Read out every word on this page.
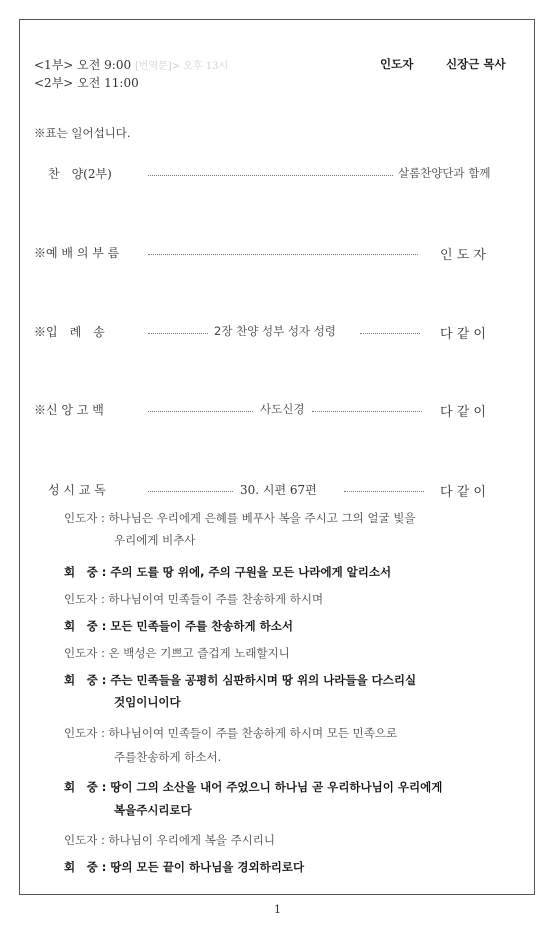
<1부> 오전 9:00 [번역문]> 오후 13시
<2부> 오전 11:00
인도자	신장근 목사
※표는 일어섭니다.
찬　양(2부)	살롬찬양단과 함께
※예 배 의 부 름	인 도 자
※입　례　송	2장 찬양 성부 성자 성령	다 같 이
※신 앙 고 백	사도신경	다 같 이
성 시 교 독	30. 시편 67편	다 같 이
인도자 : 하나님은 우리에게 은혜를 베푸사 복을 주시고 그의 얼굴 빛을
우리에게 비추사
회　중 : 주의 도를 땅 위에, 주의 구원을 모든 나라에게 알리소서
인도자 : 하나님이여 민족들이 주를 찬송하게 하시며
회　중 : 모든 민족들이 주를 찬송하게 하소서
인도자 : 온 백성은 기쁘고 즐겁게 노래할지니
회　중 : 주는 민족들을 공평히 심판하시며 땅 위의 나라들을 다스리실
것임이니이다
인도자 : 하나님이여 민족들이 주를 찬송하게 하시며 모든 민족으로
주를찬송하게 하소서.
회　중 : 땅이 그의 소산을 내어 주었으니 하나님 곧 우리하나님이 우리에게
복을주시리로다
인도자 : 하나님이 우리에게 복을 주시리니
회　중 : 땅의 모든 끝이 하나님을 경외하리로다
1
